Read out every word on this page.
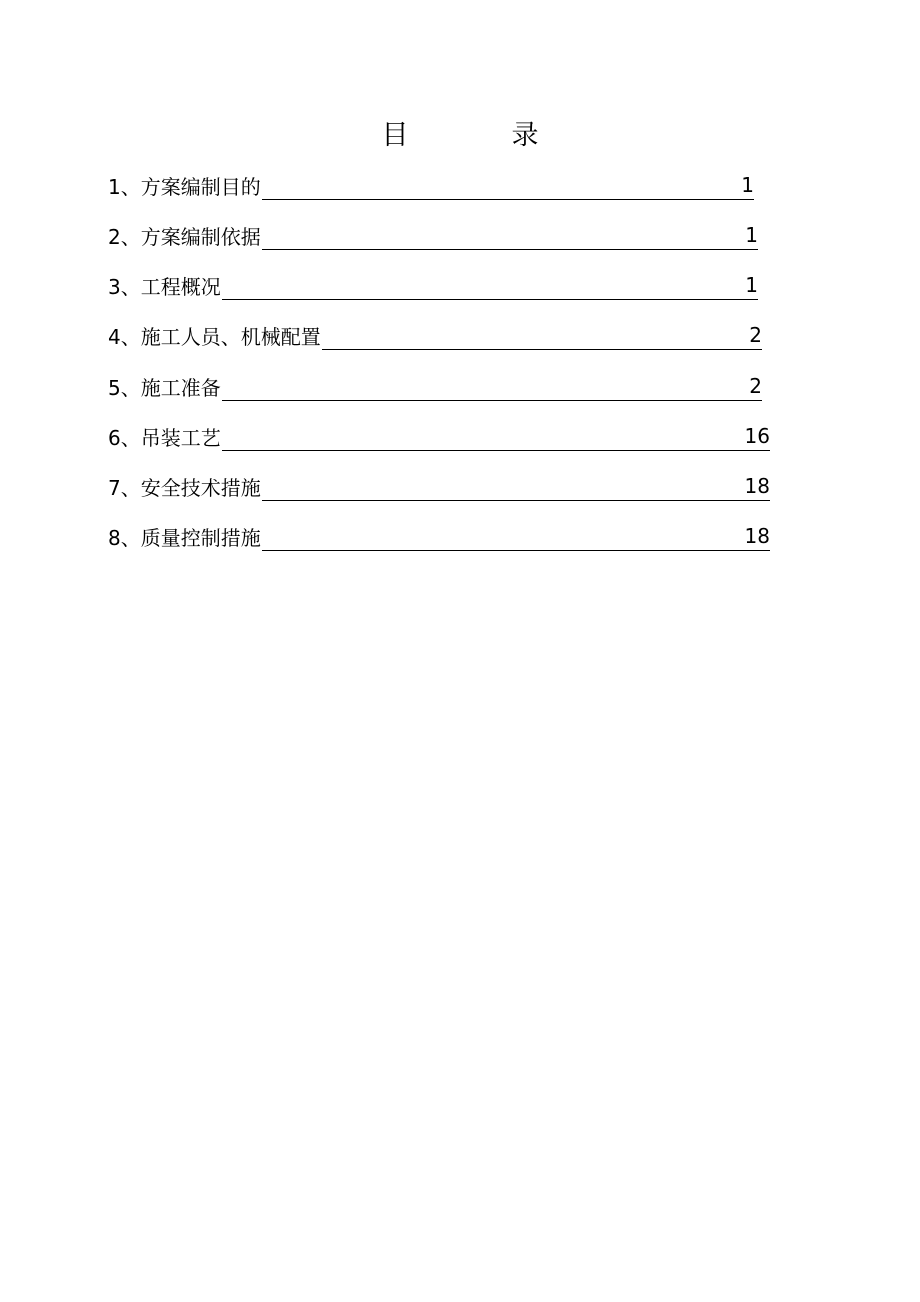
目　录
1、方案编制目的	1
2、方案编制依据	1
3、工程概况	1
4、施工人员、机械配置	2
5、施工准备	2
6、吊装工艺	16
7、安全技术措施	18
8、质量控制措施	18
